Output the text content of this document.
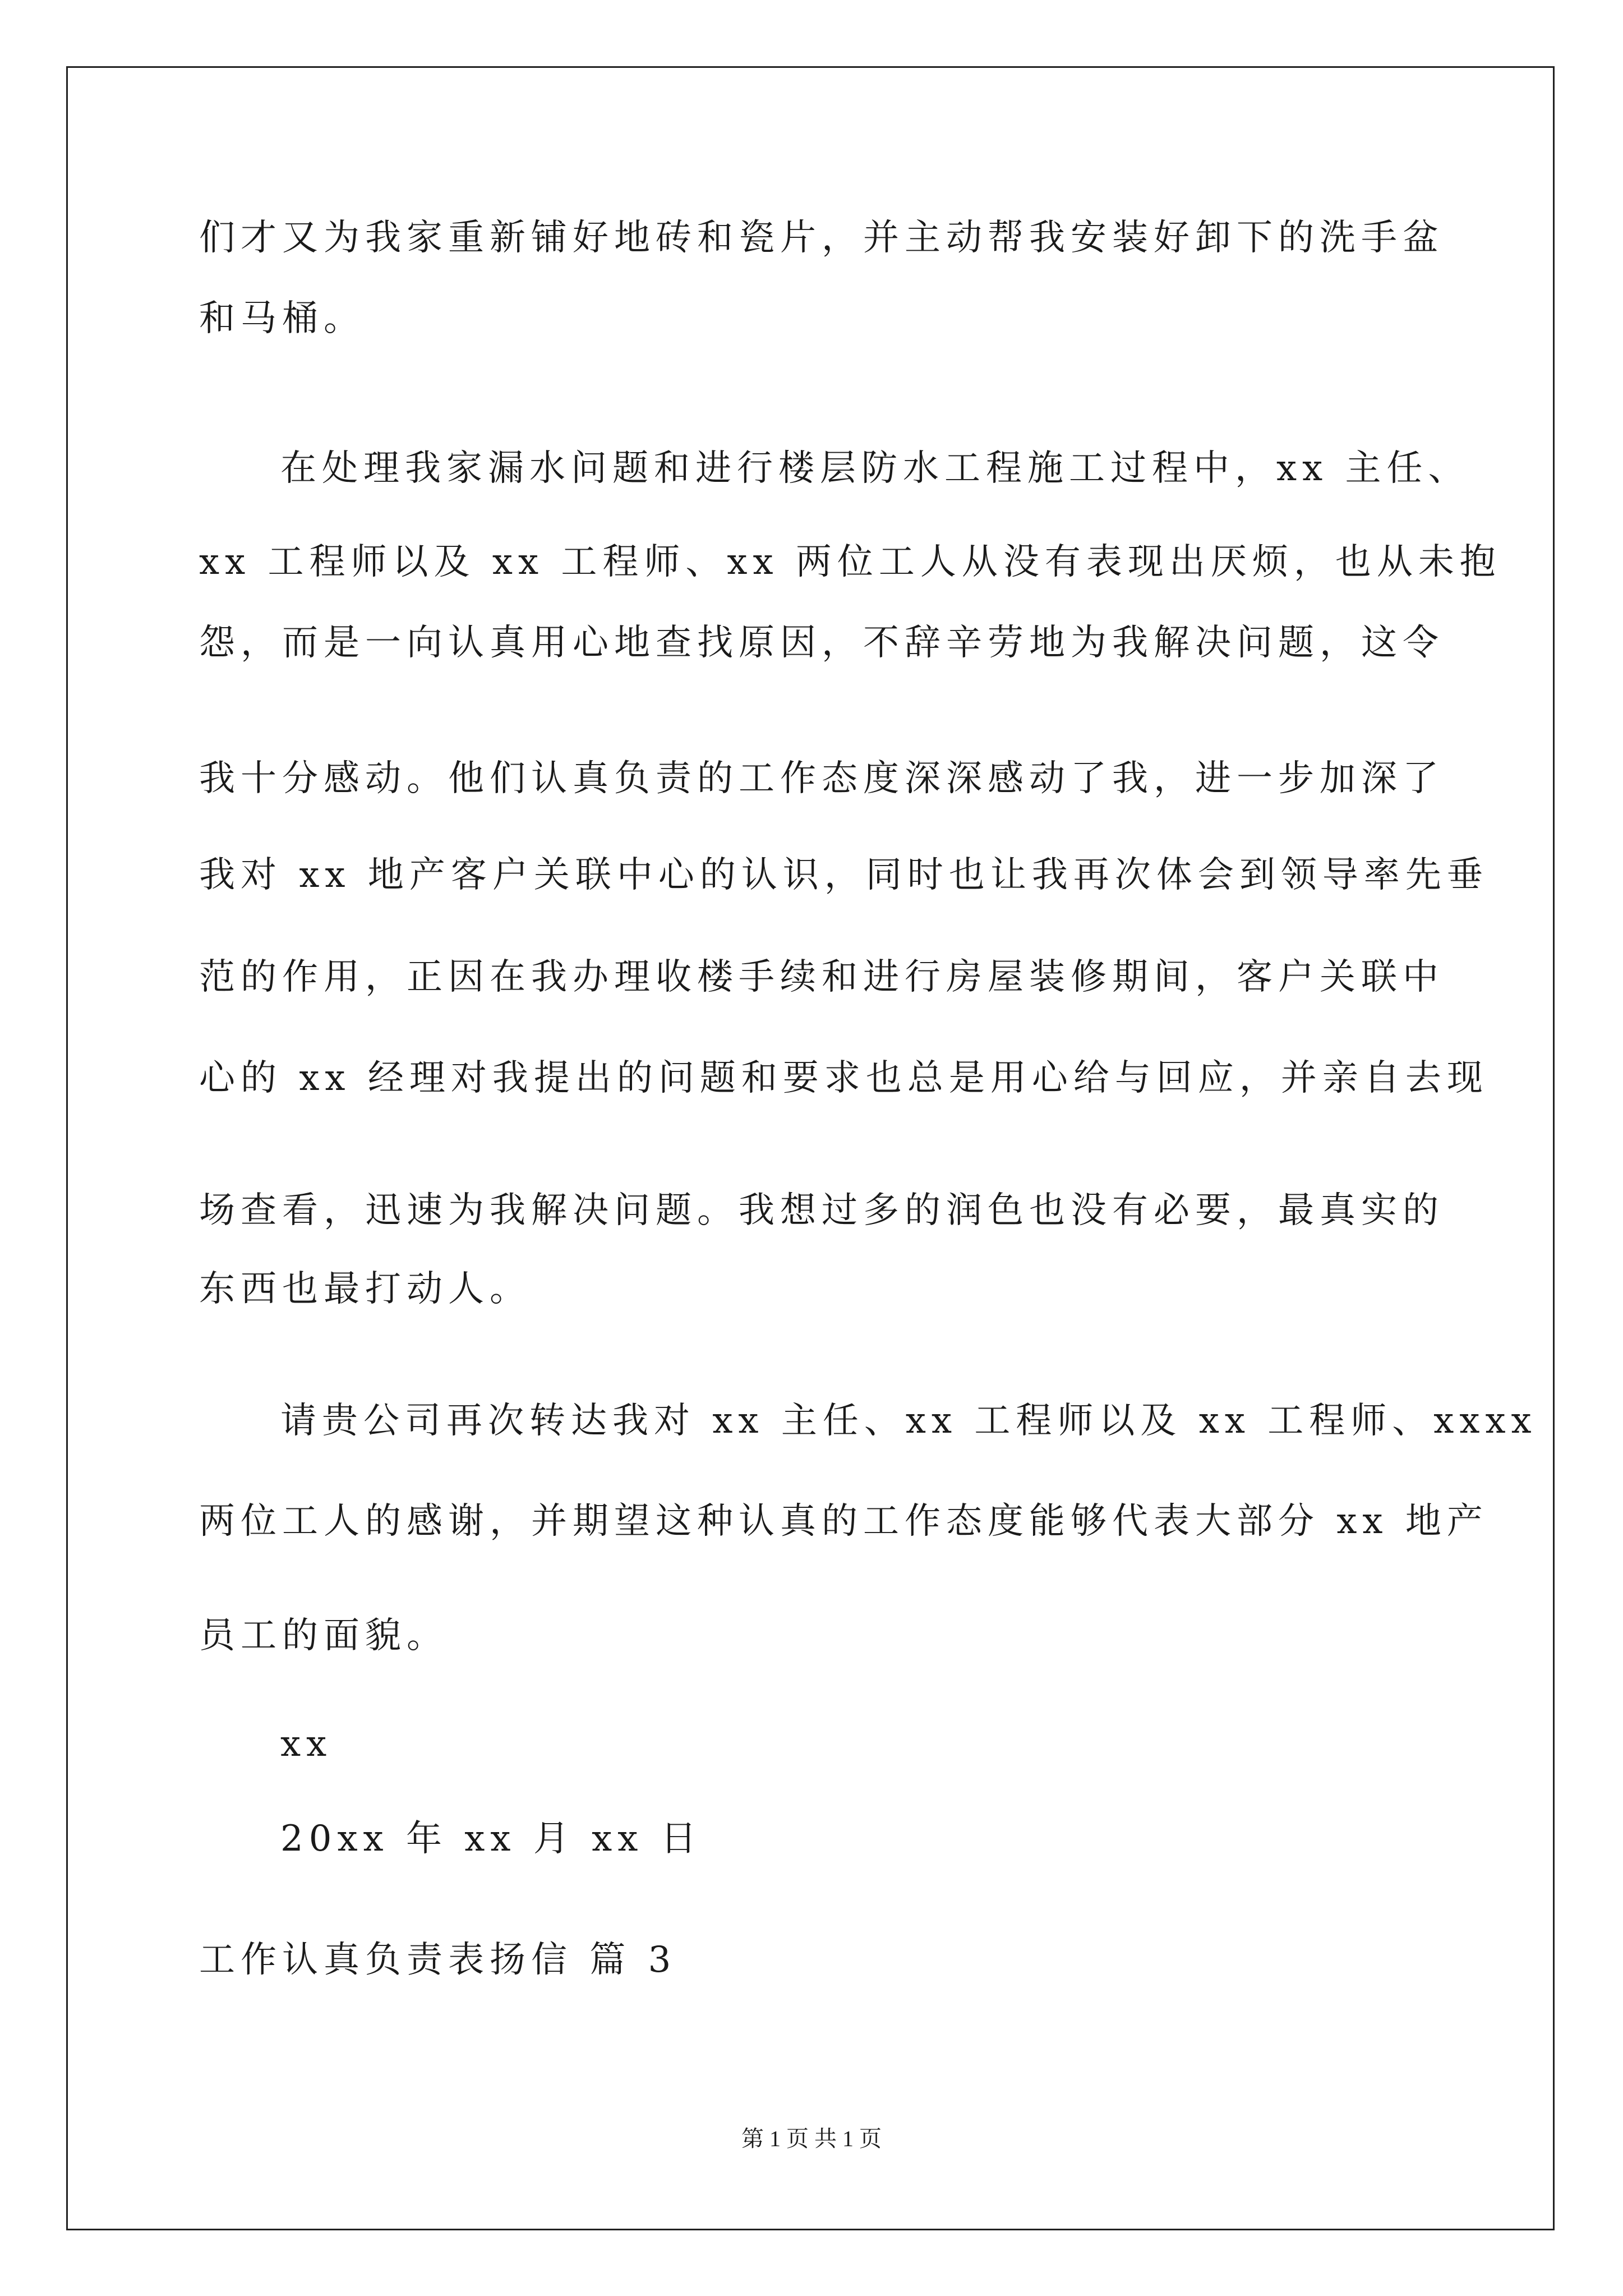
们才又为我家重新铺好地砖和瓷片，并主动帮我安装好卸下的洗手盆
和马桶。
在处理我家漏水问题和进行楼层防水工程施工过程中，xx 主任、
xx 工程师以及 xx 工程师、xx 两位工人从没有表现出厌烦，也从未抱
怨，而是一向认真用心地查找原因，不辞辛劳地为我解决问题，这令
我十分感动。他们认真负责的工作态度深深感动了我，进一步加深了
我对 xx 地产客户关联中心的认识，同时也让我再次体会到领导率先垂
范的作用，正因在我办理收楼手续和进行房屋装修期间，客户关联中
心的 xx 经理对我提出的问题和要求也总是用心给与回应，并亲自去现
场查看，迅速为我解决问题。我想过多的润色也没有必要，最真实的
东西也最打动人。
请贵公司再次转达我对 xx 主任、xx 工程师以及 xx 工程师、xxxx
两位工人的感谢，并期望这种认真的工作态度能够代表大部分 xx 地产
员工的面貌。
xx
20xx 年 xx 月 xx 日
工作认真负责表扬信 篇 3
第 1 页 共 1 页
